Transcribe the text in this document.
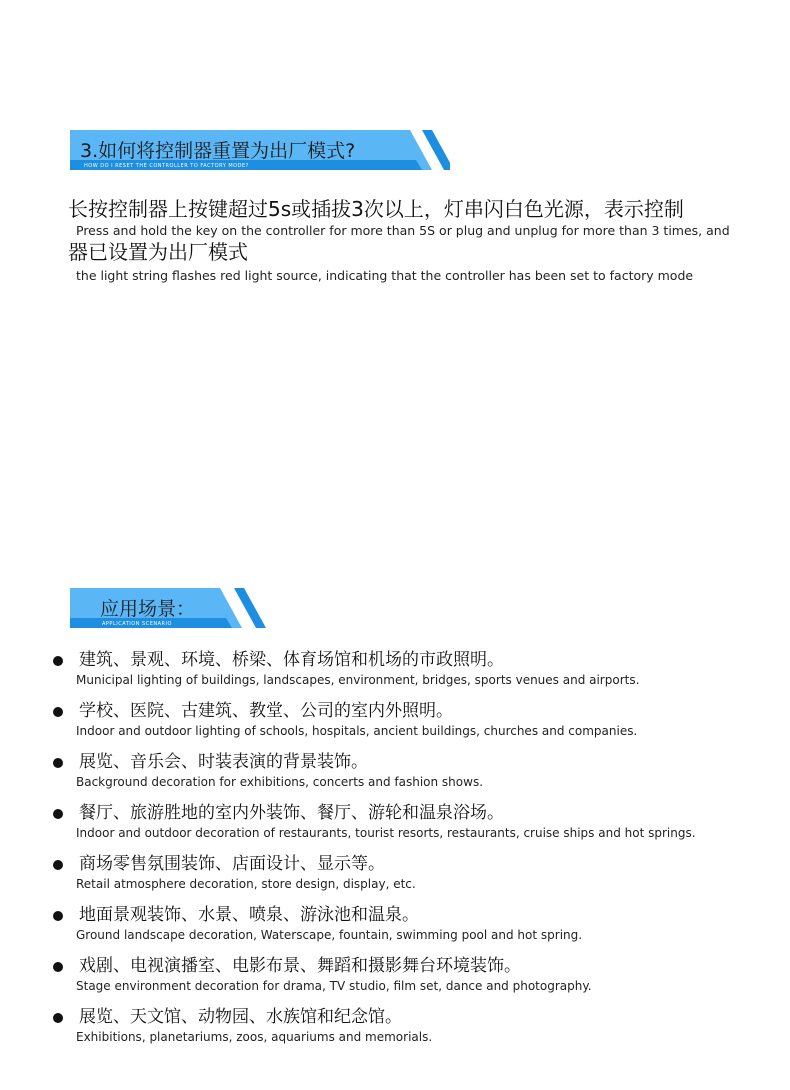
3.如何将控制器重置为出厂模式?
HOW DO I RESET THE CONTROLLER TO FACTORY MODE?
长按控制器上按键超过5s或插拔3次以上，灯串闪白色光源，表示控制
Press and hold the key on the controller for more than 5S or plug and unplug for more than 3 times, and
器已设置为出厂模式
the light string flashes red light source, indicating that the controller has been set to factory mode
应用场景：
APPLICATION SCENARIO
建筑、景观、环境、桥梁、体育场馆和机场的市政照明。
Municipal lighting of buildings, landscapes, environment, bridges, sports venues and airports.
学校、医院、古建筑、教堂、公司的室内外照明。
Indoor and outdoor lighting of schools, hospitals, ancient buildings, churches and companies.
展览、音乐会、时装表演的背景装饰。
Background decoration for exhibitions, concerts and fashion shows.
餐厅、旅游胜地的室内外装饰、餐厅、游轮和温泉浴场。
Indoor and outdoor decoration of restaurants, tourist resorts, restaurants, cruise ships and hot springs.
商场零售氛围装饰、店面设计、显示等。
Retail atmosphere decoration, store design, display, etc.
地面景观装饰、水景、喷泉、游泳池和温泉。
Ground landscape decoration, Waterscape, fountain, swimming pool and hot spring.
戏剧、电视演播室、电影布景、舞蹈和摄影舞台环境装饰。
Stage environment decoration for drama, TV studio, film set, dance and photography.
展览、天文馆、动物园、水族馆和纪念馆。
Exhibitions, planetariums, zoos, aquariums and memorials.
